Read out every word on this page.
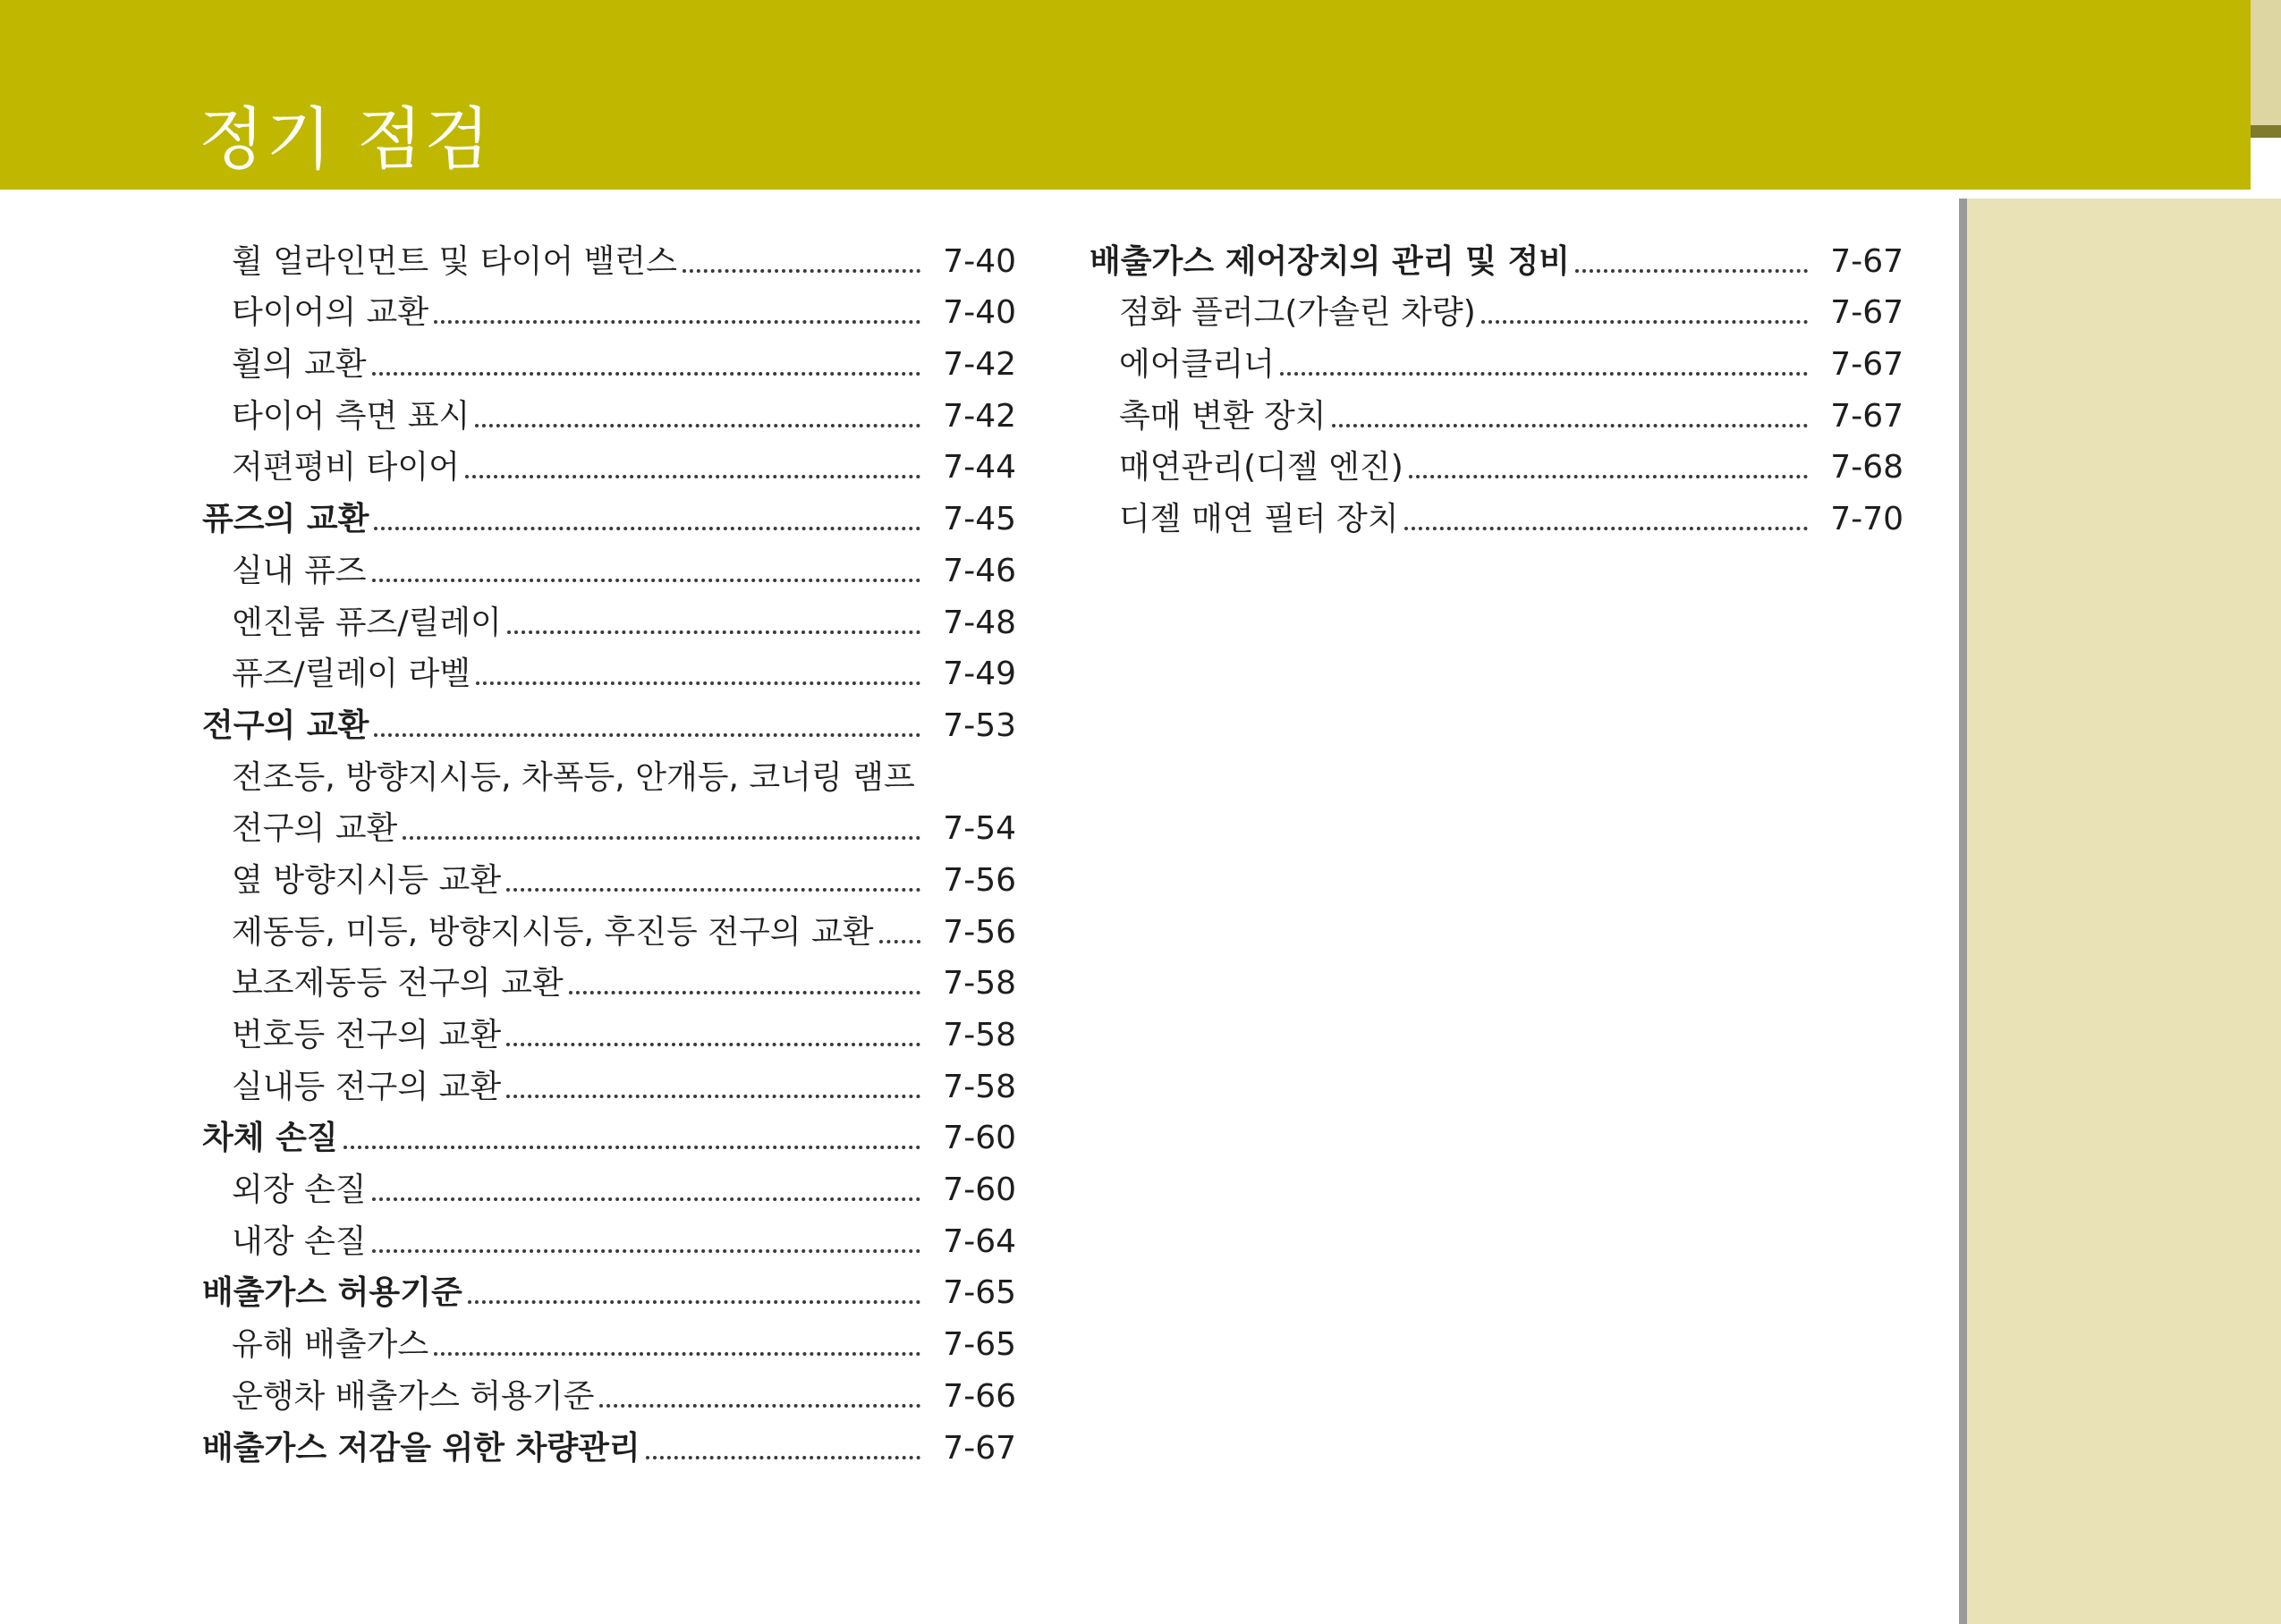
정기 점검
휠 얼라인먼트 및 타이어 밸런스	7-40
타이어의 교환	7-40
휠의 교환	7-42
타이어 측면 표시	7-42
저편평비 타이어	7-44
퓨즈의 교환	7-45
실내 퓨즈	7-46
엔진룸 퓨즈/릴레이	7-48
퓨즈/릴레이 라벨	7-49
전구의 교환	7-53
전조등, 방향지시등, 차폭등, 안개등, 코너링 램프
전구의 교환	7-54
옆 방향지시등 교환	7-56
제동등, 미등, 방향지시등, 후진등 전구의 교환	7-56
보조제동등 전구의 교환	7-58
번호등 전구의 교환	7-58
실내등 전구의 교환	7-58
차체 손질	7-60
외장 손질	7-60
내장 손질	7-64
배출가스 허용기준	7-65
유해 배출가스	7-65
운행차 배출가스 허용기준	7-66
배출가스 저감을 위한 차량관리	7-67
배출가스 제어장치의 관리 및 정비	7-67
점화 플러그(가솔린 차량)	7-67
에어클리너	7-67
촉매 변환 장치	7-67
매연관리(디젤 엔진)	7-68
디젤 매연 필터 장치	7-70
